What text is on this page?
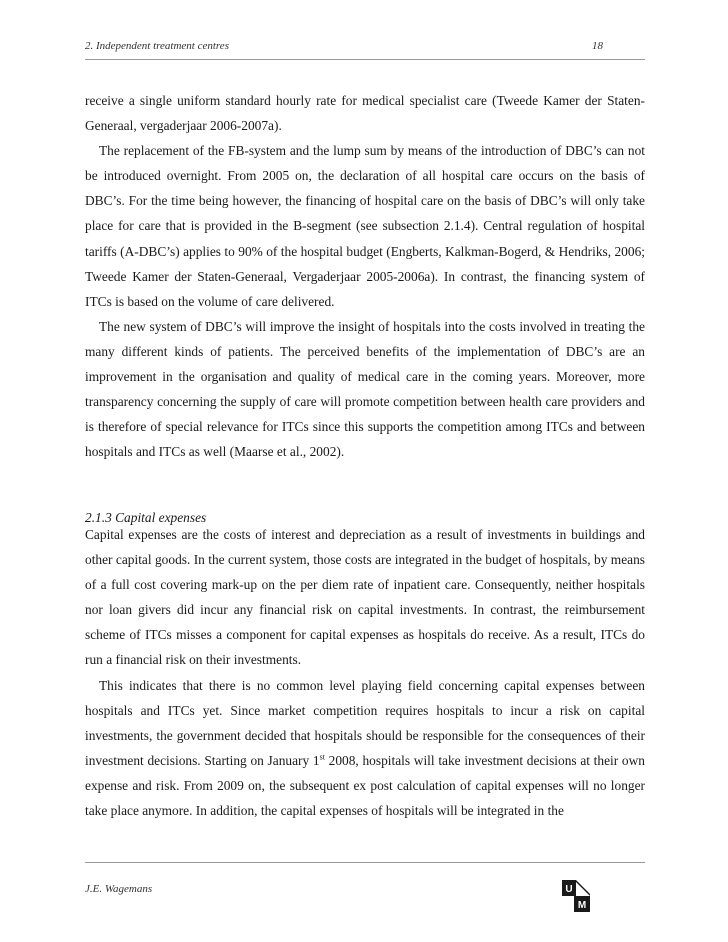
2. Independent treatment centres	18

receive a single uniform standard hourly rate for medical specialist care (Tweede Kamer der Staten-Generaal, vergaderjaar 2006-2007a).

The replacement of the FB-system and the lump sum by means of the introduction of DBC’s can not be introduced overnight. From 2005 on, the declaration of all hospital care occurs on the basis of DBC’s. For the time being however, the financing of hospital care on the basis of DBC’s will only take place for care that is provided in the B-segment (see subsection 2.1.4). Central regulation of hospital tariffs (A-DBC’s) applies to 90% of the hospital budget (Engberts, Kalkman-Bogerd, & Hendriks, 2006; Tweede Kamer der Staten-Generaal, Vergaderjaar 2005-2006a). In contrast, the financing system of ITCs is based on the volume of care delivered.

The new system of DBC’s will improve the insight of hospitals into the costs involved in treating the many different kinds of patients. The perceived benefits of the implementation of DBC’s are an improvement in the organisation and quality of medical care in the coming years. Moreover, more transparency concerning the supply of care will promote competition between health care providers and is therefore of special relevance for ITCs since this supports the competition among ITCs and between hospitals and ITCs as well (Maarse et al., 2002).

2.1.3 Capital expenses

Capital expenses are the costs of interest and depreciation as a result of investments in buildings and other capital goods. In the current system, those costs are integrated in the budget of hospitals, by means of a full cost covering mark-up on the per diem rate of inpatient care. Consequently, neither hospitals nor loan givers did incur any financial risk on capital investments. In contrast, the reimbursement scheme of ITCs misses a component for capital expenses as hospitals do receive. As a result, ITCs do run a financial risk on their investments.

This indicates that there is no common level playing field concerning capital expenses between hospitals and ITCs yet. Since market competition requires hospitals to incur a risk on capital investments, the government decided that hospitals should be responsible for the consequences of their investment decisions. Starting on January 1st 2008, hospitals will take investment decisions at their own expense and risk. From 2009 on, the subsequent ex post calculation of capital expenses will no longer take place anymore. In addition, the capital expenses of hospitals will be integrated in the

J.E. Wagemans	U
M
